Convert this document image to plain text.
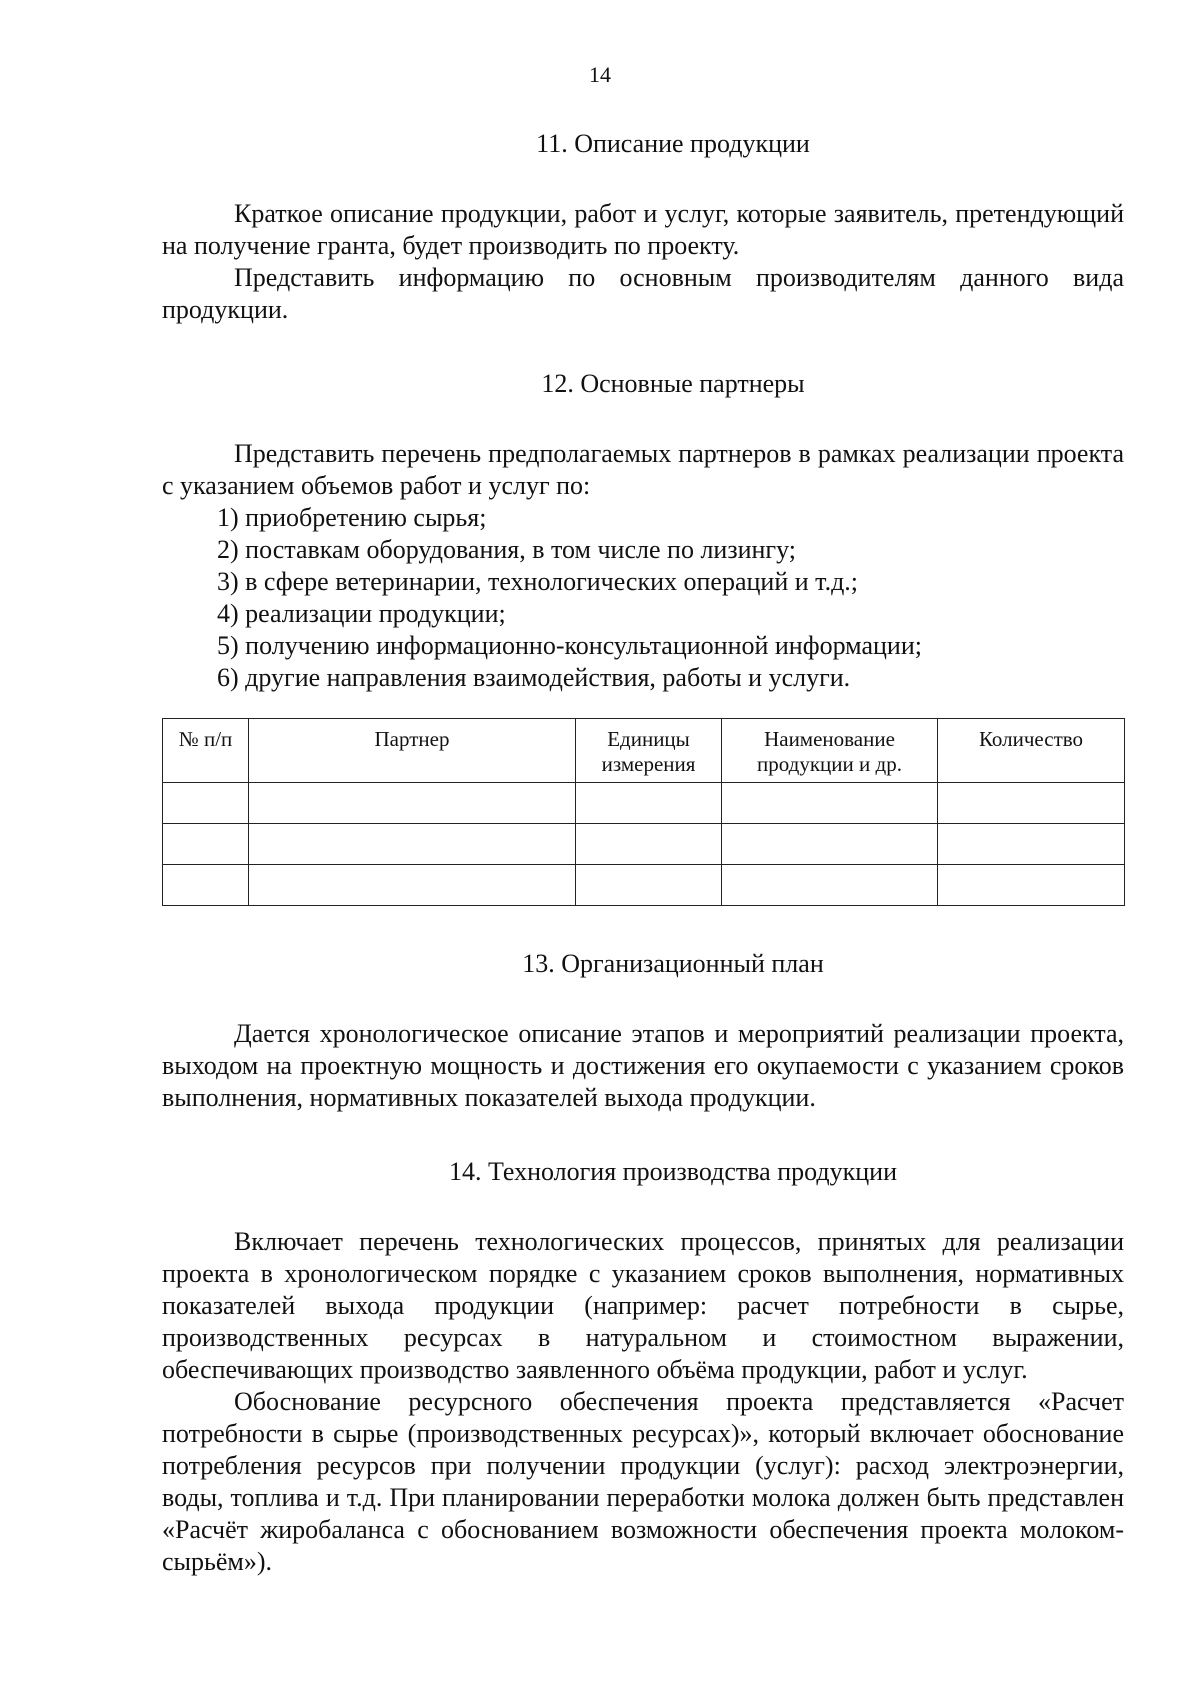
14
11. Описание продукции

Краткое описание продукции, работ и услуг, которые заявитель, претендующий на получение гранта, будет производить по проекту.

Представить информацию по основным производителям данного вида продукции.

12. Основные партнеры

Представить перечень предполагаемых партнеров в рамках реализации проекта с указанием объемов работ и услуг по:

1) приобретению сырья;
2) поставкам оборудования, в том числе по лизингу;
3) в сфере ветеринарии, технологических операций и т.д.;
4) реализации продукции;
5) получению информационно-консультационной информации;
6) другие направления взаимодействия, работы и услуги.
№ п/п	Партнер	Единицы измерения	Наименование продукции и др.	Количество

13. Организационный план

Дается хронологическое описание этапов и мероприятий реализации проекта, выходом на проектную мощность и достижения его окупаемости с указанием сроков выполнения, нормативных показателей выхода продукции.

14. Технология производства продукции

Включает перечень технологических процессов, принятых для реализации проекта в хронологическом порядке с указанием сроков выполнения, нормативных показателей выхода продукции (например: расчет потребности в сырье, производственных ресурсах в натуральном и стоимостном выражении, обеспечивающих производство заявленного объёма продукции, работ и услуг.

Обоснование ресурсного обеспечения проекта представляется «Расчет потребности в сырье (производственных ресурсах)», который включает обоснование потребления ресурсов при получении продукции (услуг): расход электроэнергии, воды, топлива и т.д. При планировании переработки молока должен быть представлен «Расчёт жиробаланса с обоснованием возможности обеспечения проекта молоком-сырьём»).
